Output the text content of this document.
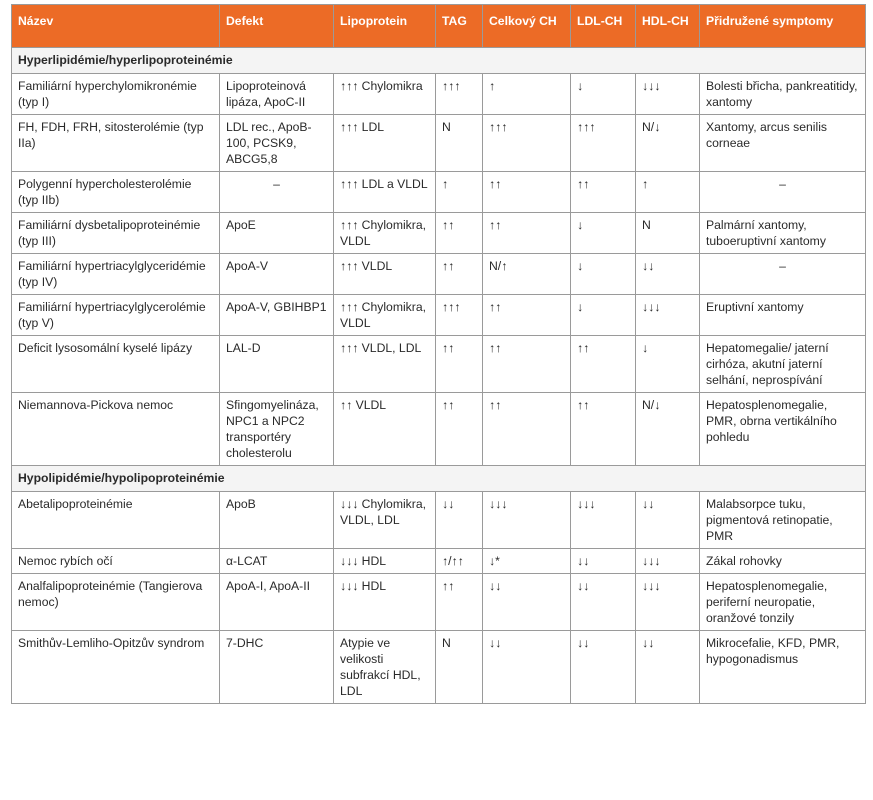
Název	Defekt	Lipoprotein	TAG	Celkový CH	LDL-CH	HDL-CH	Přidružené symptomy
Hyperlipidémie/hyperlipoproteinémie							
Familiární hyperchylomikronémie (typ I)	Lipoproteinová lipáza, ApoC-II	↑↑↑ Chylomikra	↑↑↑	↑	↓	↓↓↓	Bolesti břicha, pankreatitidy, xantomy
FH, FDH, FRH, sitosterolémie (typ IIa)	LDL rec., ApoB-100, PCSK9, ABCG5,8	↑↑↑ LDL	N	↑↑↑	↑↑↑	N/↓	Xantomy, arcus senilis corneae
Polygenní hypercholesterolémie (typ IIb)	–	↑↑↑ LDL a VLDL	↑	↑↑	↑↑	↑	–
Familiární dysbetalipoproteinémie (typ III)	ApoE	↑↑↑ Chylomikra, VLDL	↑↑	↑↑	↓	N	Palmární xantomy, tuboeruptivní xantomy
Familiární hypertriacylglyceridémie (typ IV)	ApoA-V	↑↑↑ VLDL	↑↑	N/↑	↓	↓↓	–
Familiární hypertriacylglycerolémie (typ V)	ApoA-V, GBIHBP1	↑↑↑ Chylomikra, VLDL	↑↑↑	↑↑	↓	↓↓↓	Eruptivní xantomy
Deficit lysosomální kyselé lipázy	LAL-D	↑↑↑ VLDL, LDL	↑↑	↑↑	↑↑	↓	Hepatomegalie/ jaterní cirhóza, akutní jaterní selhání, neprospívání
Niemannova-Pickova nemoc	Sfingomyelináza, NPC1 a NPC2 transportéry cholesterolu	↑↑ VLDL	↑↑	↑↑	↑↑	N/↓	Hepatosplenomegalie, PMR, obrna vertikálního pohledu
Hypolipidémie/hypolipoproteinémie							
Abetalipoproteinémie	ApoB	↓↓↓ Chylomikra, VLDL, LDL	↓↓	↓↓↓	↓↓↓	↓↓	Malabsorpce tuku, pigmentová retinopatie, PMR
Nemoc rybích očí	α-LCAT	↓↓↓ HDL	↑/↑↑	↓*	↓↓	↓↓↓	Zákal rohovky
Analfalipoproteinémie (Tangierova nemoc)	ApoA-I, ApoA-II	↓↓↓ HDL	↑↑	↓↓	↓↓	↓↓↓	Hepatosplenomegalie, periferní neuropatie, oranžové tonzily
Smithův-Lemliho-Opitzův syndrom	7-DHC	Atypie ve velikosti subfrakcí HDL, LDL	N	↓↓	↓↓	↓↓	Mikrocefalie, KFD, PMR, hypogonadismus
